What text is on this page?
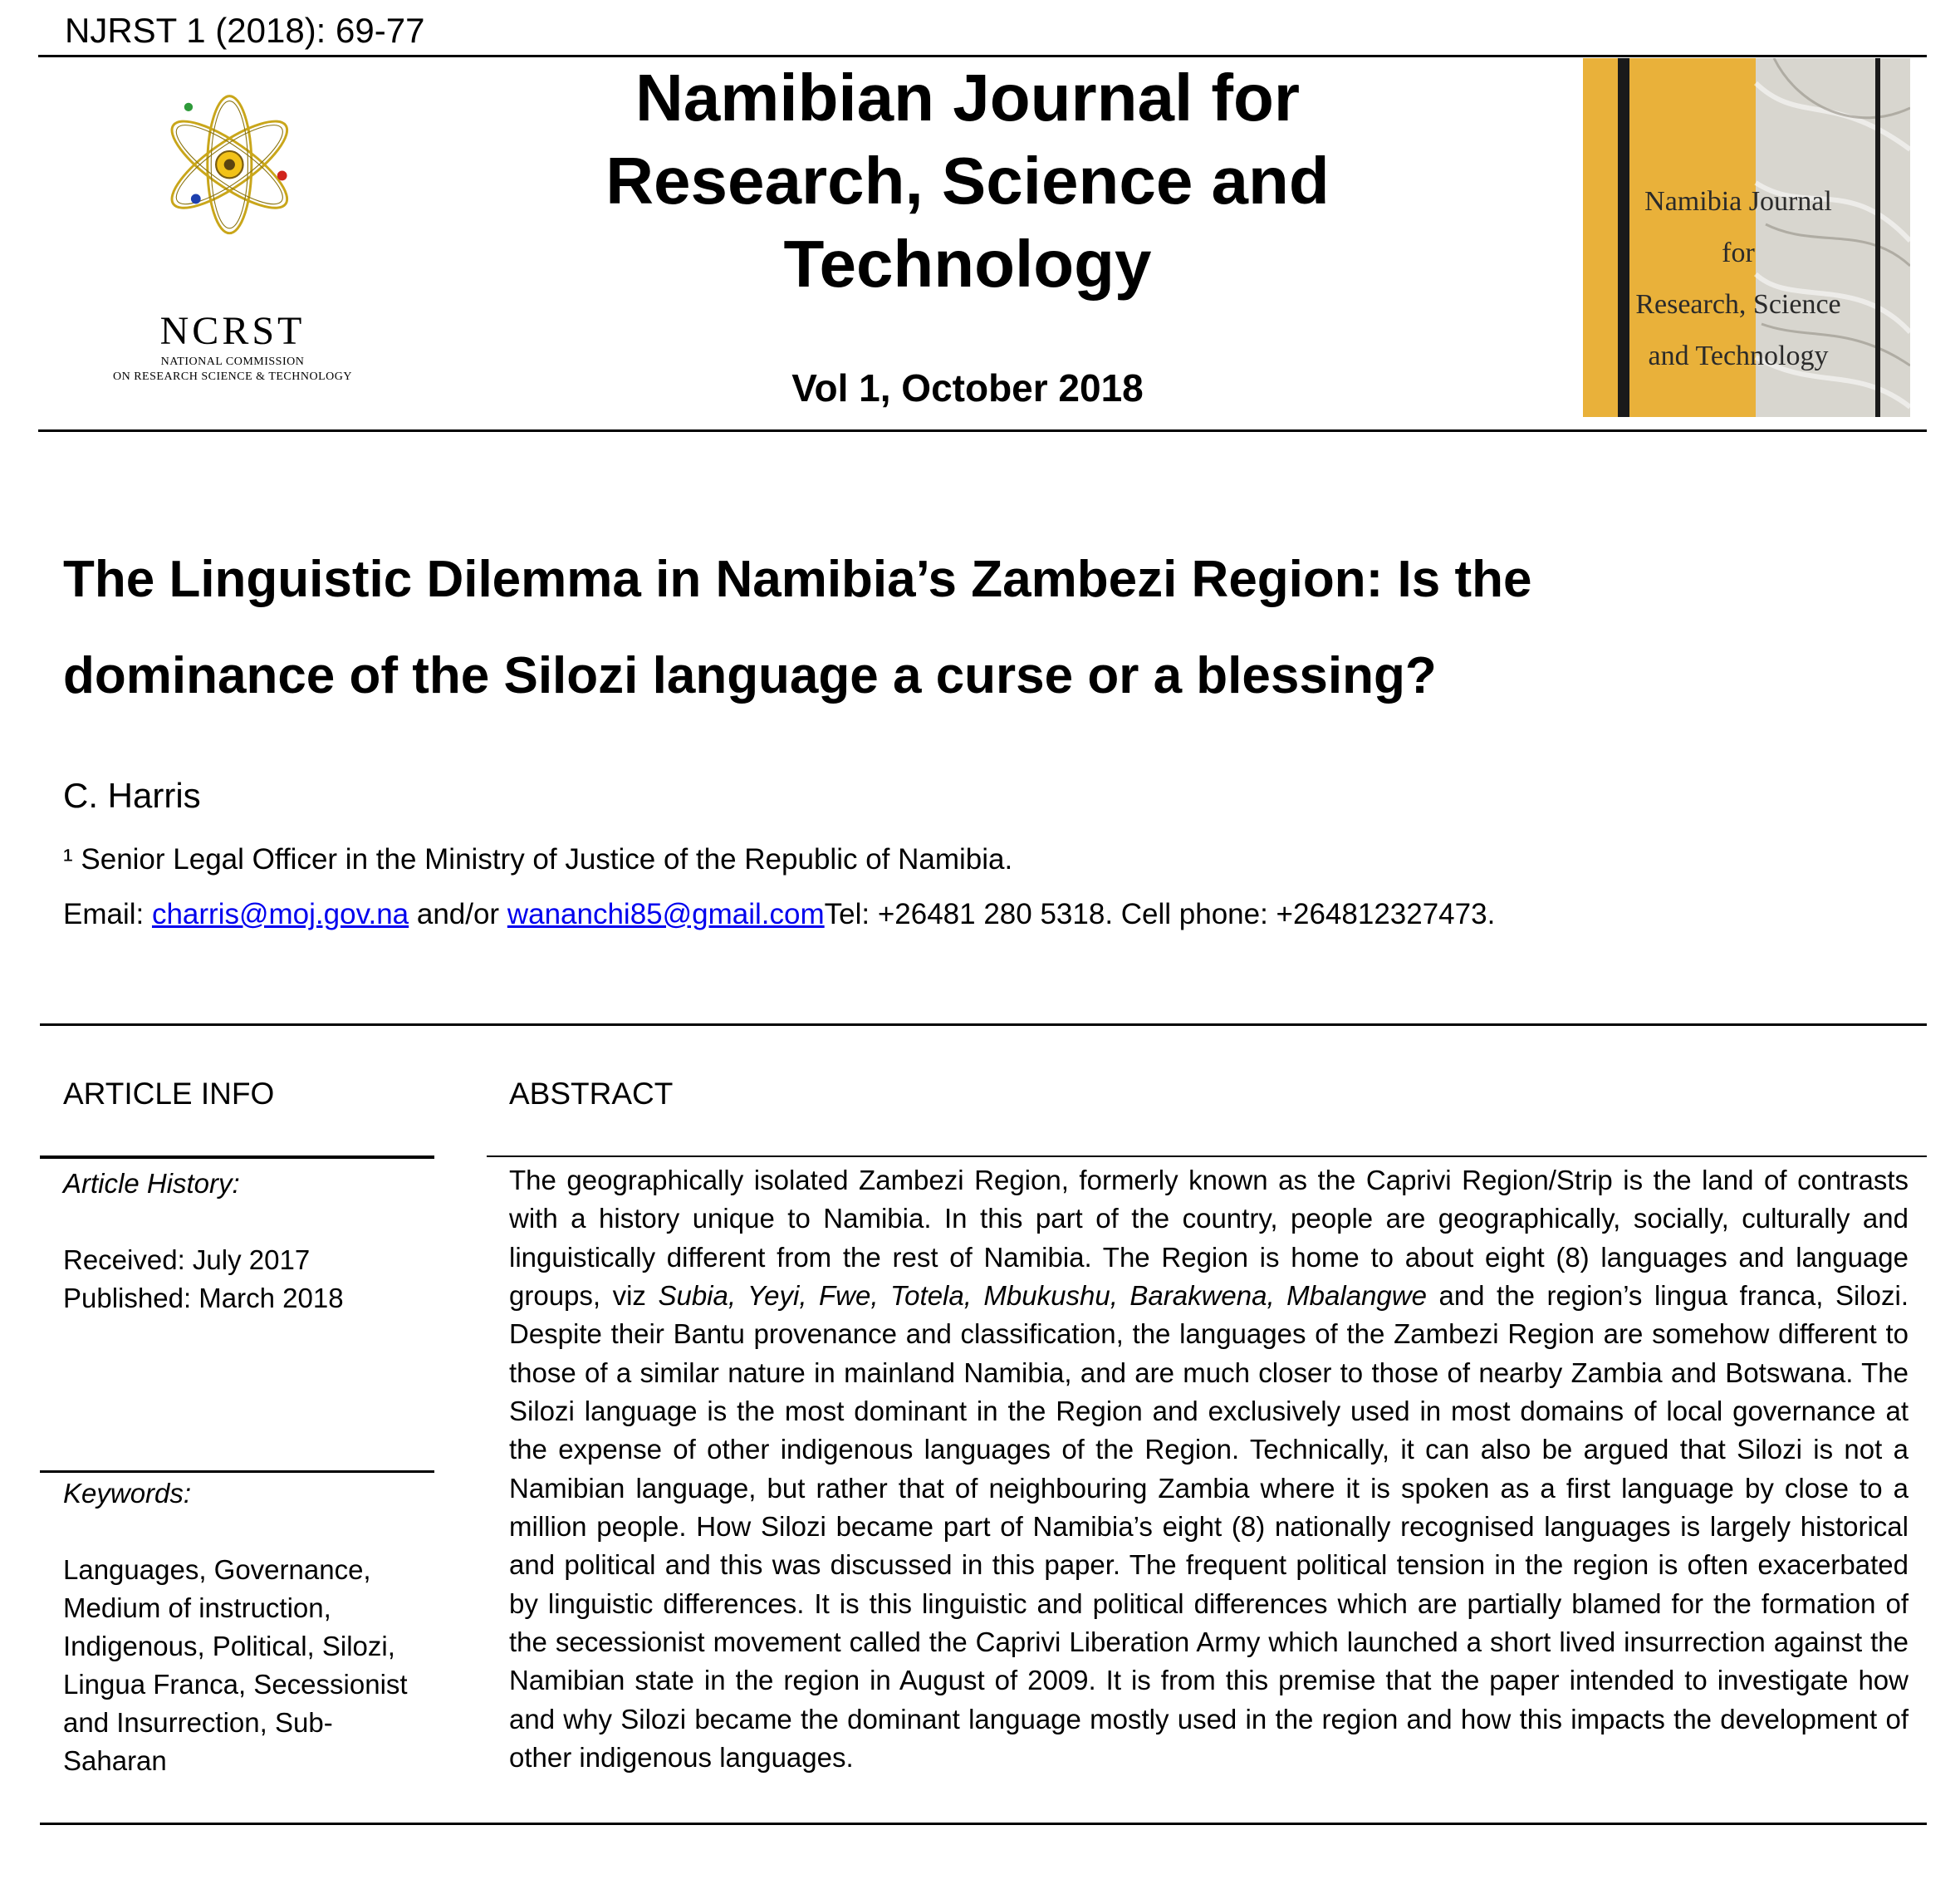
NJRST 1 (2018): 69-77
NCRST
NATIONAL COMMISSION
ON RESEARCH SCIENCE & TECHNOLOGY
Namibian Journal for
Research, Science and
Technology
Vol 1, October 2018
Namibia Journal for
Research, Science
and Technology
The Linguistic Dilemma in Namibia’s Zambezi Region: Is the
dominance of the Silozi language a curse or a blessing?
C. Harris
¹ Senior Legal Officer in the Ministry of Justice of the Republic of Namibia.
Email: charris@moj.gov.na and/or wananchi85@gmail.comTel: +26481 280 5318. Cell phone: +264812327473.
ARTICLE INFO	ABSTRACT
Article History:
Received: July 2017
Published: March 2018
Keywords:
Languages, Governance,
Medium of instruction,
Indigenous, Political, Silozi,
Lingua Franca, Secessionist
and Insurrection, Sub-
Saharan
The geographically isolated Zambezi Region, formerly known as the Caprivi Region/Strip is the land of contrasts with a history unique to Namibia. In this part of the country, people are geographically, socially, culturally and linguistically different from the rest of Namibia. The Region is home to about eight (8) languages and language groups, viz Subia, Yeyi, Fwe, Totela, Mbukushu, Barakwena, Mbalangwe and the region’s lingua franca, Silozi. Despite their Bantu provenance and classification, the languages of the Zambezi Region are somehow different to those of a similar nature in mainland Namibia, and are much closer to those of nearby Zambia and Botswana. The Silozi language is the most dominant in the Region and exclusively used in most domains of local governance at the expense of other indigenous languages of the Region. Technically, it can also be argued that Silozi is not a Namibian language, but rather that of neighbouring Zambia where it is spoken as a first language by close to a million people. How Silozi became part of Namibia’s eight (8) nationally recognised languages is largely historical and political and this was discussed in this paper. The frequent political tension in the region is often exacerbated by linguistic differences. It is this linguistic and political differences which are partially blamed for the formation of the secessionist movement called the Caprivi Liberation Army which launched a short lived insurrection against the Namibian state in the region in August of 2009. It is from this premise that the paper intended to investigate how and why Silozi became the dominant language mostly used in the region and how this impacts the development of other indigenous languages.
